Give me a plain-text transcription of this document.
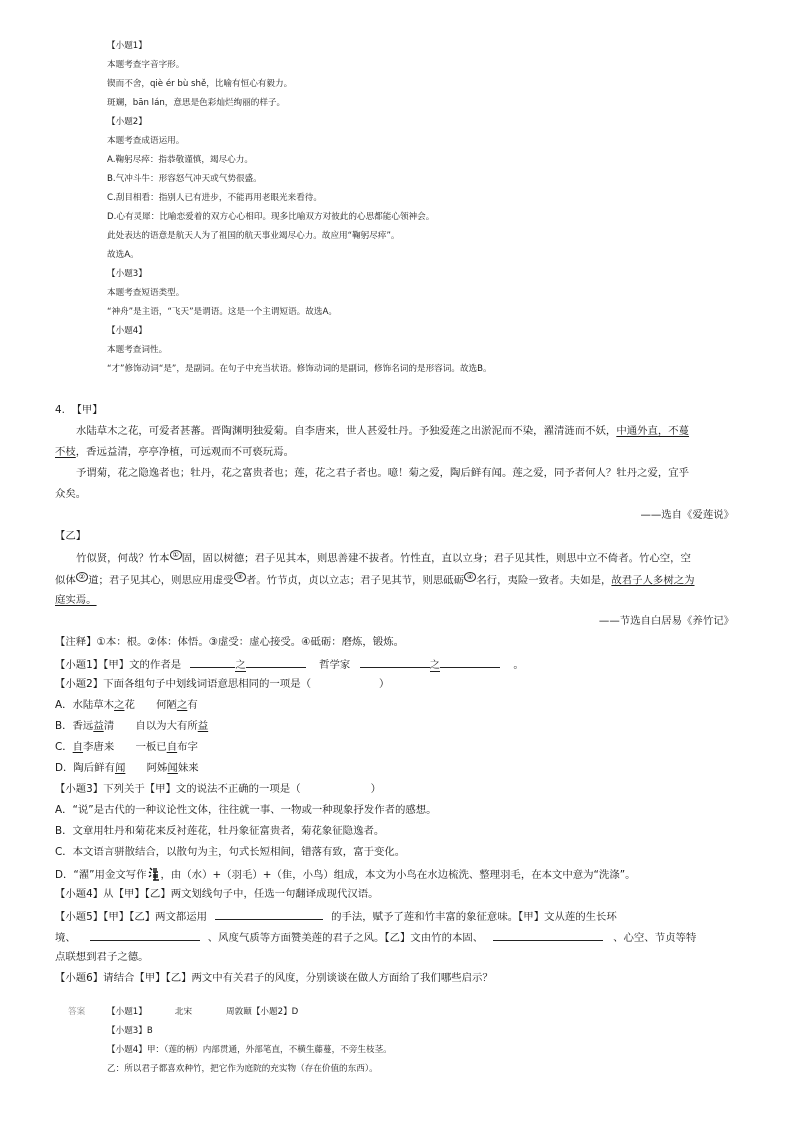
【小题1】
本题考查字音字形。
锲而不舍，qiè ér bù shě，比喻有恒心有毅力。
斑斓，bān lán，意思是色彩灿烂绚丽的样子。
【小题2】
本题考查成语运用。
A.鞠躬尽瘁：指恭敬谨慎，竭尽心力。
B.气冲斗牛：形容怒气冲天或气势很盛。
C.刮目相看：指别人已有进步，不能再用老眼光来看待。
D.心有灵犀：比喻恋爱着的双方心心相印。现多比喻双方对彼此的心思都能心领神会。
此处表达的语意是航天人为了祖国的航天事业竭尽心力。故应用“鞠躬尽瘁”。
故选A。
【小题3】
本题考查短语类型。
“神舟”是主语，“飞天”是谓语。这是一个主谓短语。故选A。
【小题4】
本题考查词性。
“才”修饰动词“是”，是副词。在句子中充当状语。修饰动词的是副词，修饰名词的是形容词。故选B。
4. 【甲】
水陆草木之花，可爱者甚蕃。晋陶渊明独爱菊。自李唐来，世人甚爱牡丹。予独爱莲之出淤泥而不染，濯清涟而不妖，中通外直，不蔓
不枝，香远益清，亭亭净植，可远观而不可亵玩焉。
予谓菊，花之隐逸者也；牡丹，花之富贵者也；莲，花之君子者也。噫！菊之爱，陶后鲜有闻。莲之爱，同予者何人？牡丹之爱，宜乎
众矣。
——选自《爱莲说》
【乙】
竹似贤，何哉？竹本 ① 固，固以树德；君子见其本，则思善建不拔者。竹性直，直以立身；君子见其性，则思中立不倚者。竹心空，空
似体 ② 道；君子见其心，则思应用虚受 ③ 者。竹节贞，贞以立志；君子见其节，则思砥砺 ④ 名行，夷险一致者。夫如是，故君子人多树之为
庭实焉。
——节选自白居易《养竹记》
【注释】①本：根。②体：体悟。③虚受：虚心接受。④砥砺：磨炼，锻炼。
【小题1】【甲】文的作者是	之	哲学家	之	。
【小题2】下面各组句子中划线词语意思相同的一项是（	）
A．水陆草木之花 何陋之有
B．香远益清 自以为大有所益
C．自李唐来 一板已自布字
D．陶后鲜有闻 阿姊闻妹来
【小题3】下列关于【甲】文的说法不正确的一项是（	）
A．“说”是古代的一种议论性文体，往往就一事、一物或一种现象抒发作者的感想。
B．文章用牡丹和菊花来反衬莲花，牡丹象征富贵者，菊花象征隐逸者。
C．本文语言骈散结合，以散句为主，句式长短相间，错落有致，富于变化。
D．“濯”用金文写作 ，由（水）+（羽毛）+（隹，小鸟）组成，本文为小鸟在水边梳洗、整理羽毛，在本文中意为“洗涤”。
【小题4】从【甲】【乙】两文划线句子中，任选一句翻译成现代汉语。
【小题5】【甲】【乙】两文都运用	的手法，赋予了莲和竹丰富的象征意味。【甲】文从莲的生长环
境、	、风度气质等方面赞美莲的君子之风。【乙】文由竹的本固、	、心空、节贞等特
点联想到君子之德。
【小题6】请结合【甲】【乙】两文中有关君子的风度，分别谈谈在做人方面给了我们哪些启示？
答案	【小题1】	北宋	周敦颐【小题2】D
【小题3】B
【小题4】甲：（莲的柄）内部贯通，外部笔直，不横生藤蔓，不旁生枝茎。
乙：所以君子都喜欢种竹，把它作为庭院的充实物（存在价值的东西）。
